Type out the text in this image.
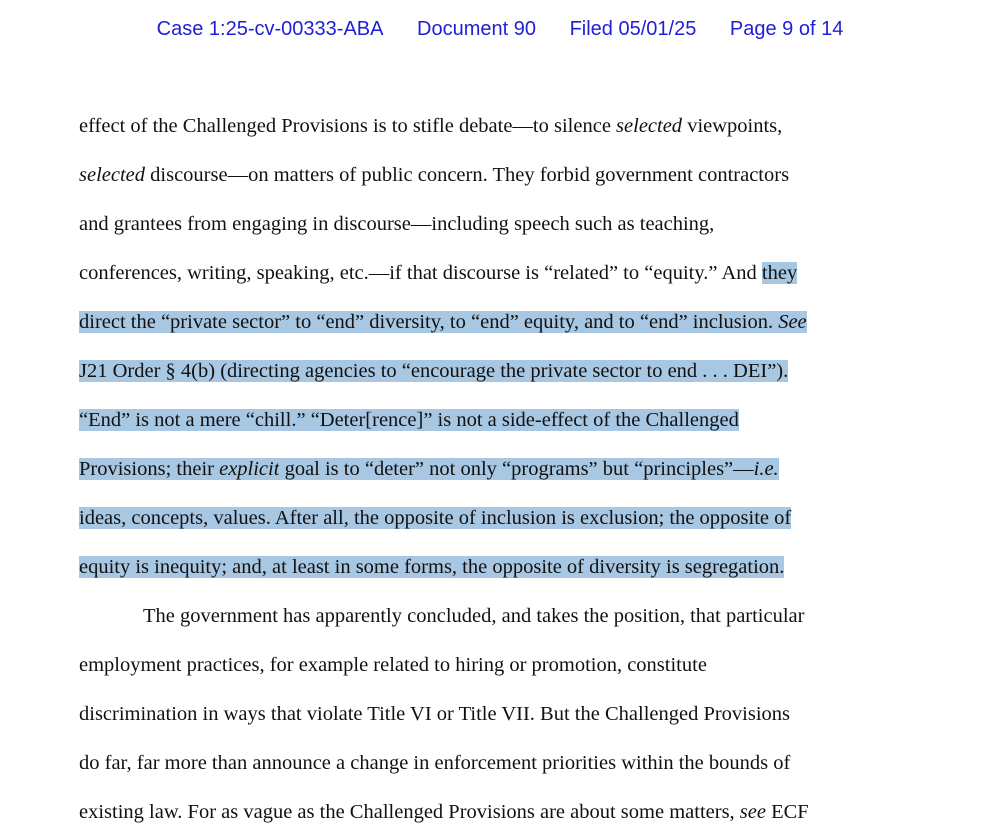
Case 1:25-cv-00333-ABA Document 90 Filed 05/01/25 Page 9 of 14
effect of the Challenged Provisions is to stifle debate—to silence selected viewpoints,
selected discourse—on matters of public concern. They forbid government contractors
and grantees from engaging in discourse—including speech such as teaching,
conferences, writing, speaking, etc.—if that discourse is “related” to “equity.” And they
direct the “private sector” to “end” diversity, to “end” equity, and to “end” inclusion. See
J21 Order § 4(b) (directing agencies to “encourage the private sector to end . . . DEI”).
“End” is not a mere “chill.” “Deter[rence]” is not a side-effect of the Challenged
Provisions; their explicit goal is to “deter” not only “programs” but “principles”—i.e.
ideas, concepts, values. After all, the opposite of inclusion is exclusion; the opposite of
equity is inequity; and, at least in some forms, the opposite of diversity is segregation.
The government has apparently concluded, and takes the position, that particular
employment practices, for example related to hiring or promotion, constitute
discrimination in ways that violate Title VI or Title VII. But the Challenged Provisions
do far, far more than announce a change in enforcement priorities within the bounds of
existing law. For as vague as the Challenged Provisions are about some matters, see ECF
